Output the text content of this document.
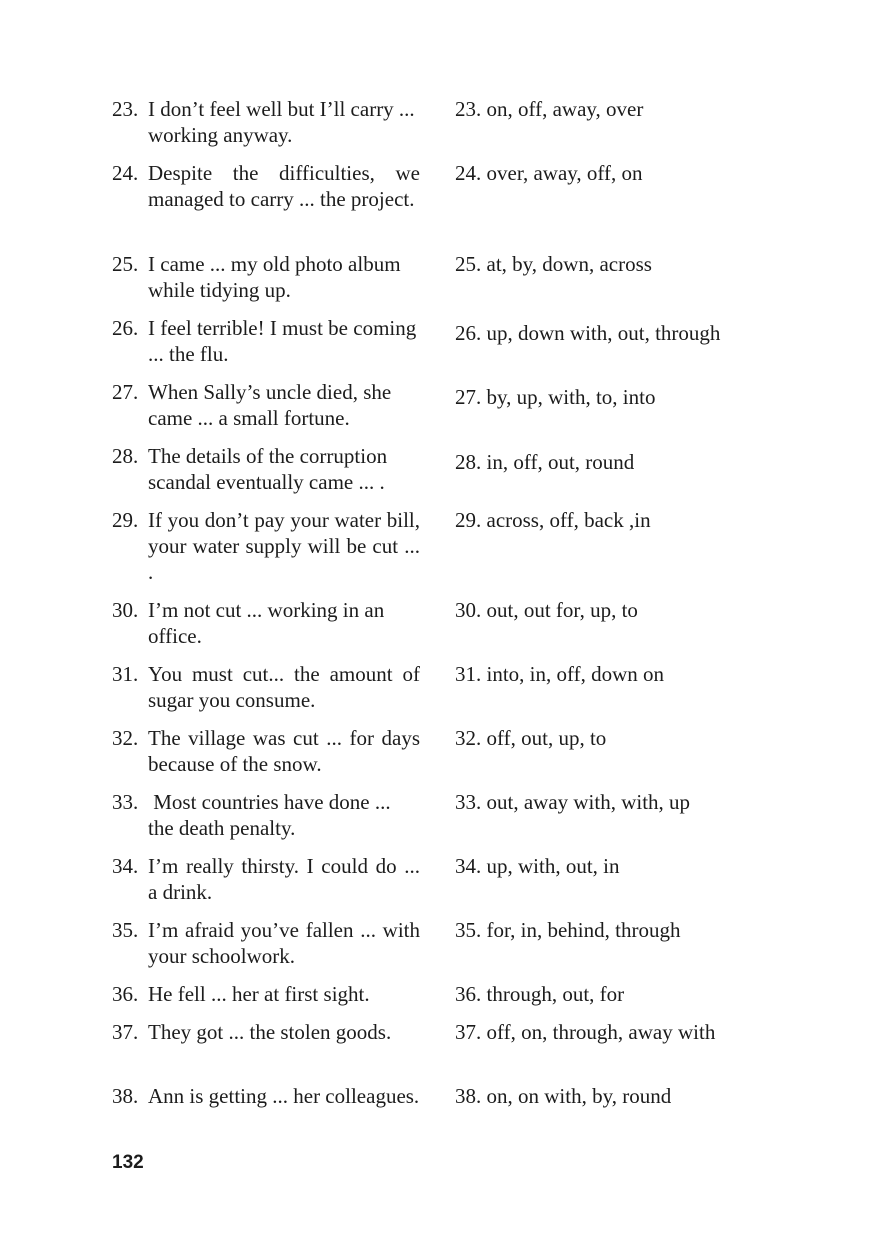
23. I don’t feel well but I’ll carry ... working anyway.
23. on, off, away, over
24. Despite the difficulties, we managed to carry ... the project.
24. over, away, off, on
25. I came ... my old photo album while tidying up.
25. at, by, down, across
26. I feel terrible! I must be coming ... the flu.
26. up, down with, out, through
27. When Sally’s uncle died, she came ... a small fortune.
27. by, up, with, to, into
28. The details of the corruption scandal eventually came ... .
28. in, off, out, round
29. If you don’t pay your water bill, your water supply will be cut ... .
29. across, off, back ,in
30. I’m not cut ... working in an office.
30. out, out for, up, to
31. You must cut... the amount of sugar you consume.
31. into, in, off, down on
32. The village was cut ... for days because of the snow.
32. off, out, up, to
33. Most countries have done ... the death penalty.
33. out, away with, with, up
34. I’m really thirsty. I could do ... a drink.
34. up, with, out, in
35. I’m afraid you’ve fallen ... with your schoolwork.
35. for, in, behind, through
36. He fell ... her at first sight.	36. through, out, for
37. They got ... the stolen goods.	37. off, on, through, away with
38. Ann is getting ... her colleagues. 38. on, on with, by, round
132
